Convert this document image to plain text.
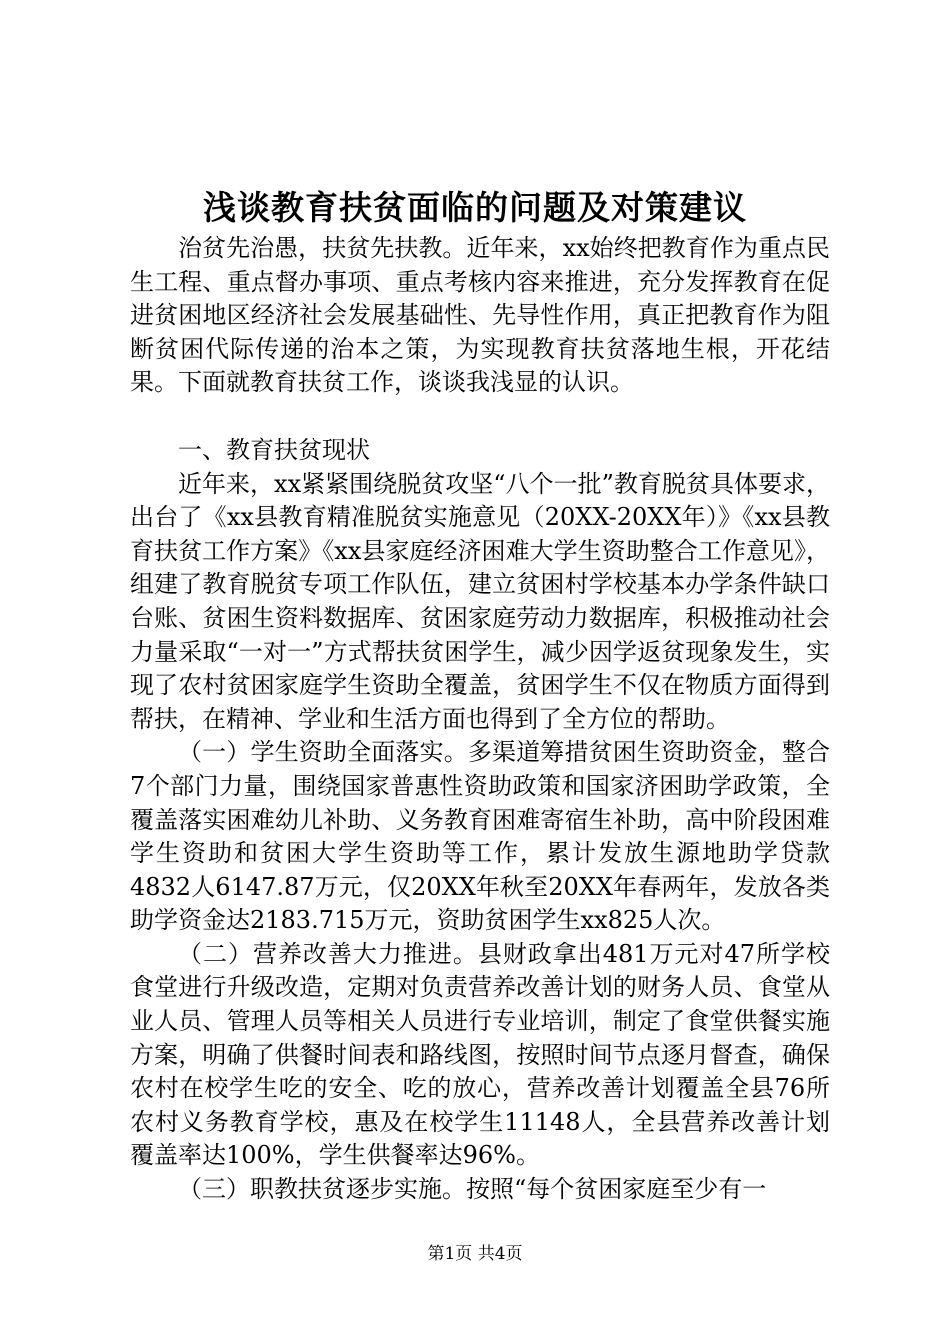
浅谈教育扶贫面临的问题及对策建议

治贫先治愚，扶贫先扶教。近年来，xx始终把教育作为重点民生工程、重点督办事项、重点考核内容来推进，充分发挥教育在促进贫困地区经济社会发展基础性、先导性作用，真正把教育作为阻断贫困代际传递的治本之策，为实现教育扶贫落地生根，开花结果。下面就教育扶贫工作，谈谈我浅显的认识。

一、教育扶贫现状

近年来，xx紧紧围绕脱贫攻坚“八个一批”教育脱贫具体要求，出台了《xx县教育精准脱贫实施意见（20XX-20XX年）》《xx县教育扶贫工作方案》《xx县家庭经济困难大学生资助整合工作意见》，组建了教育脱贫专项工作队伍，建立贫困村学校基本办学条件缺口台账、贫困生资料数据库、贫困家庭劳动力数据库，积极推动社会力量采取“一对一”方式帮扶贫困学生，减少因学返贫现象发生，实现了农村贫困家庭学生资助全覆盖，贫困学生不仅在物质方面得到帮扶，在精神、学业和生活方面也得到了全方位的帮助。

（一）学生资助全面落实。多渠道筹措贫困生资助资金，整合7个部门力量，围绕国家普惠性资助政策和国家济困助学政策，全覆盖落实困难幼儿补助、义务教育困难寄宿生补助，高中阶段困难学生资助和贫困大学生资助等工作，累计发放生源地助学贷款4832人6147.87万元，仅20XX年秋至20XX年春两年，发放各类助学资金达2183.715万元，资助贫困学生xx825人次。

（二）营养改善大力推进。县财政拿出481万元对47所学校食堂进行升级改造，定期对负责营养改善计划的财务人员、食堂从业人员、管理人员等相关人员进行专业培训，制定了食堂供餐实施方案，明确了供餐时间表和路线图，按照时间节点逐月督查，确保农村在校学生吃的安全、吃的放心，营养改善计划覆盖全县76所农村义务教育学校，惠及在校学生11148人，全县营养改善计划覆盖率达100%，学生供餐率达96%。

（三）职教扶贫逐步实施。按照“每个贫困家庭至少有一

第1页 共4页
